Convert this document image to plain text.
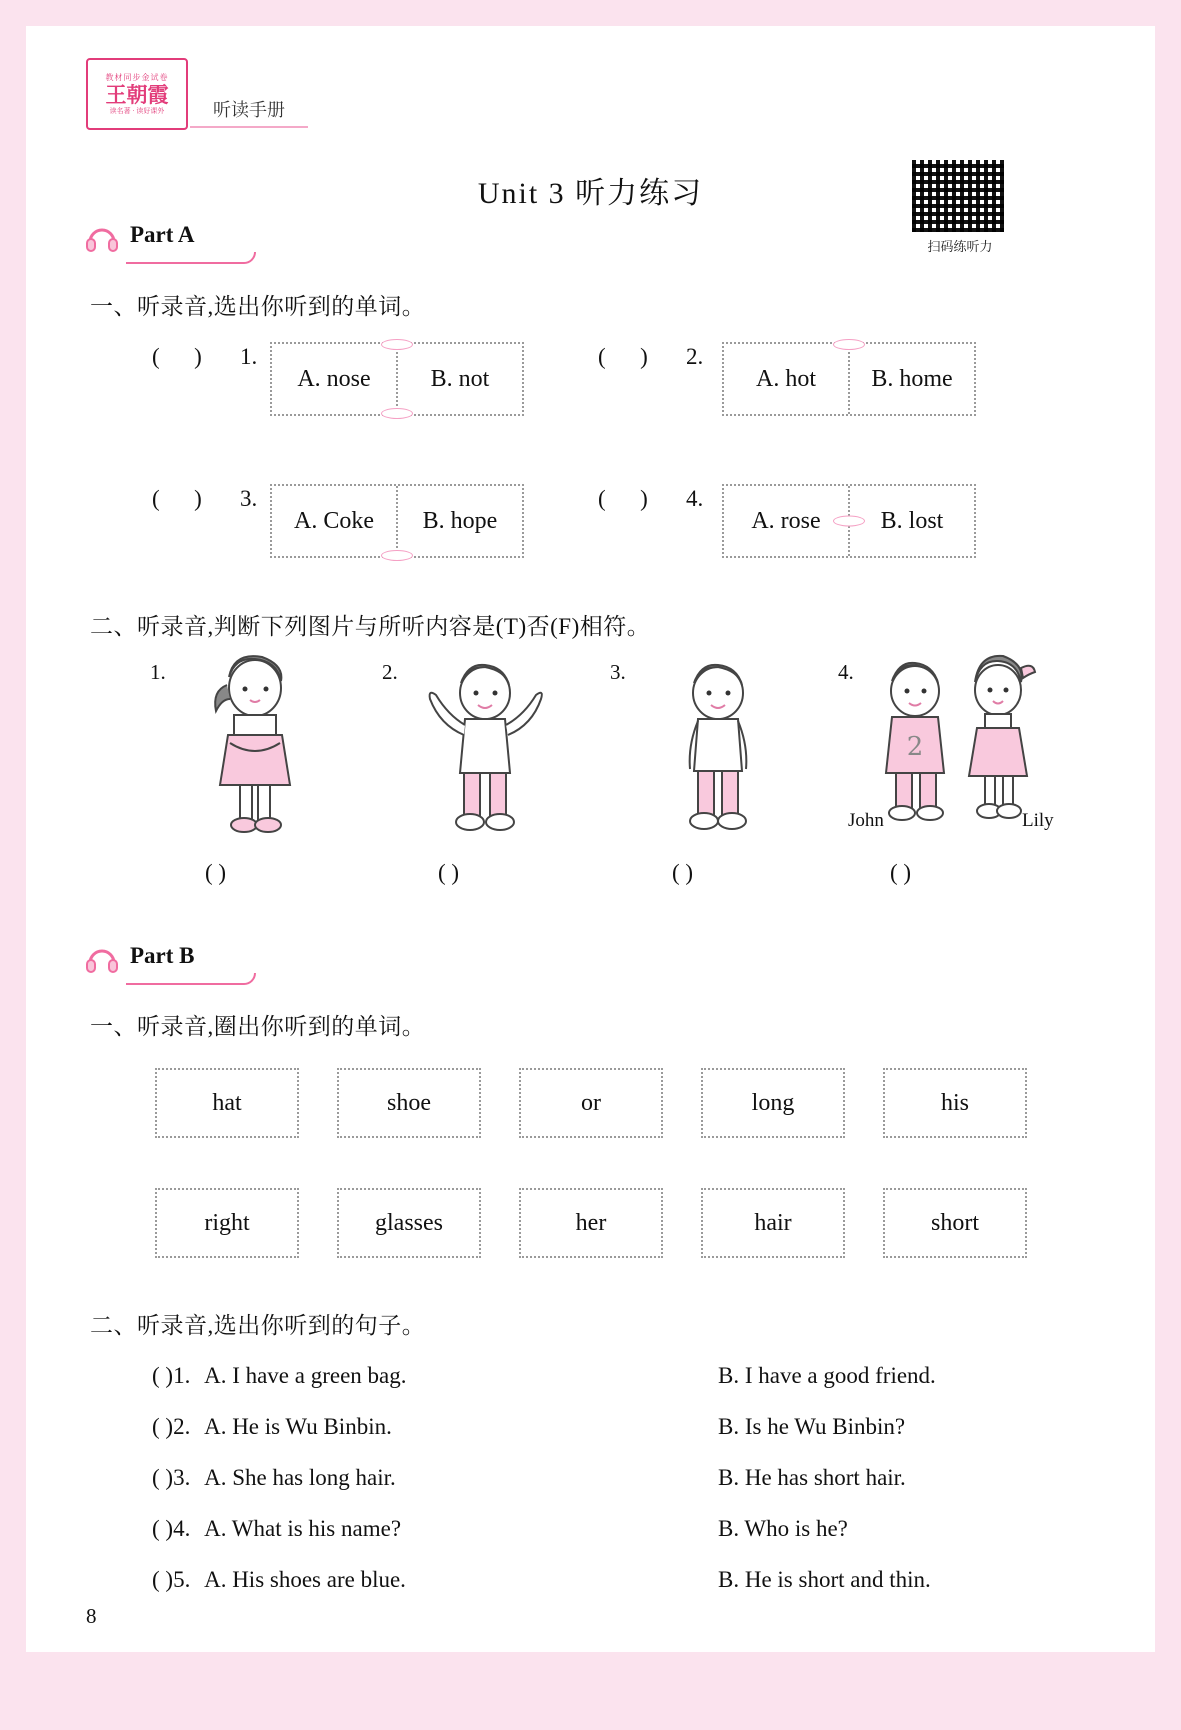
教材同步金试卷
王朝霞
读名著 · 读好课外	听读手册
Unit 3 听力练习
扫码练听力
Part A
一、听录音,选出你听到的单词。
(      ) 1.
A. nose	B. not
(      ) 2.
A. hot	B. home
(      ) 3.
A. Coke	B. hope
(      ) 4.
A. rose	B. lost
二、听录音,判断下列图片与所听内容是(T)否(F)相符。
1.
( )
2.
( )
3.
( )
4.
2
John	Lily
( )
Part B
一、听录音,圈出你听到的单词。
hat	shoe	or	long	his
right	glasses	her	hair	short
二、听录音,选出你听到的句子。
( )1. A. I have a green bag.	B. I have a good friend.
( )2. A. He is Wu Binbin.	B. Is he Wu Binbin?
( )3. A. She has long hair.	B. He has short hair.
( )4. A. What is his name?	B. Who is he?
( )5. A. His shoes are blue.	B. He is short and thin.
8
